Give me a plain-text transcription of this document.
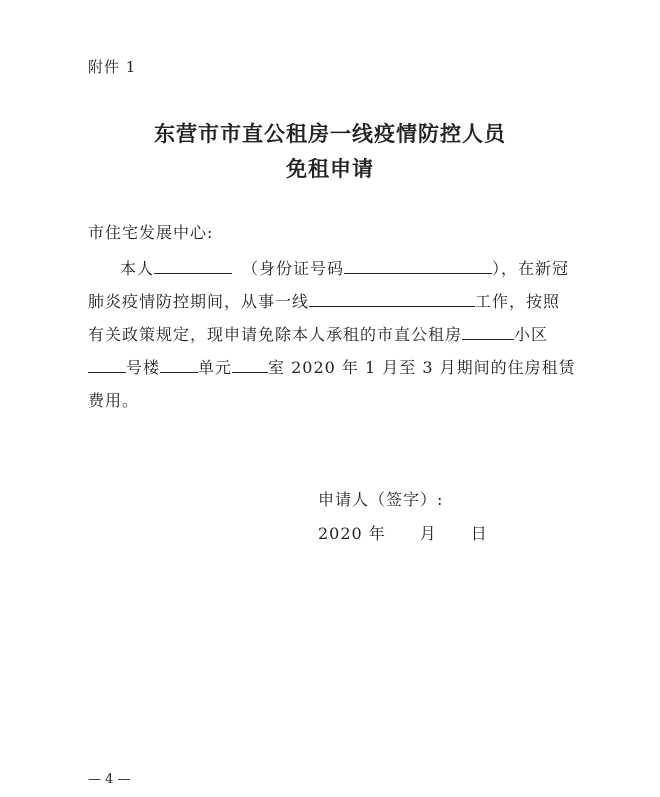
附件 1
东营市市直公租房一线疫情防控人员
免租申请
市住宅发展中心:
本人	（身份证号码	），在新冠
肺炎疫情防控期间，从事一线	工作，按照
有关政策规定，现申请免除本人承租的市直公租房	小区
号楼 单元 室 2020 年 1 月至 3 月期间的住房租赁
费用。
申请人（签字）:
2020 年　　月　　日
— 4 —
